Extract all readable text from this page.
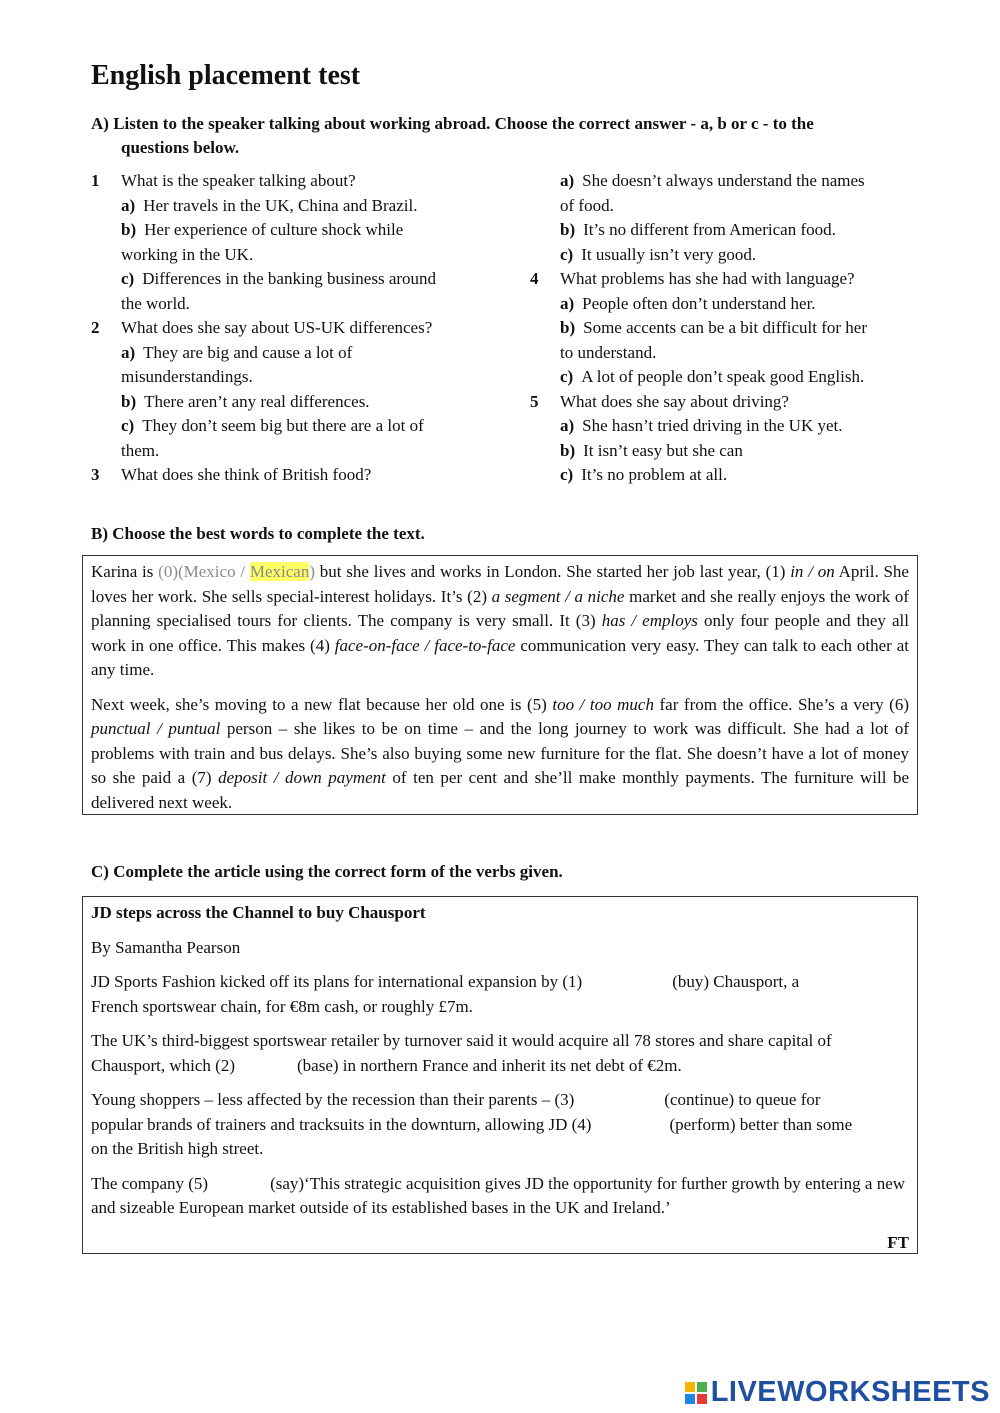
English placement test
A) Listen to the speaker talking about working abroad. Choose the correct answer - a, b or c - to the
questions below.
1	What is the speaker talking about?
a) Her travels in the UK, China and Brazil.
b) Her experience of culture shock while
working in the UK.
c) Differences in the banking business around
the world.
2	What does she say about US-UK differences?
a) They are big and cause a lot of
misunderstandings.
b) There aren’t any real differences.
c) They don’t seem big but there are a lot of
them.
3	What does she think of British food?
a) She doesn’t always understand the names
of food.
b) It’s no different from American food.
c) It usually isn’t very good.
4	What problems has she had with language?
a) People often don’t understand her.
b) Some accents can be a bit difficult for her
to understand.
c) A lot of people don’t speak good English.
5	What does she say about driving?
a) She hasn’t tried driving in the UK yet.
b) It isn’t easy but she can
c) It’s no problem at all.
B) Choose the best words to complete the text.

Karina is (0)(Mexico / Mexican) but she lives and works in London. She started her job last year, (1) in / on April. She loves her work. She sells special-interest holidays. It’s (2) a segment / a niche market and she really enjoys the work of planning specialised tours for clients. The company is very small. It (3) has / employs only four people and they all work in one office. This makes (4) face-on-face / face-to-face communication very easy. They can talk to each other at any time.

Next week, she’s moving to a new flat because her old one is (5) too / too much far from the office. She’s a very (6) punctual / puntual person – she likes to be on time – and the long journey to work was difficult. She had a lot of problems with train and bus delays. She’s also buying some new furniture for the flat. She doesn’t have a lot of money so she paid a (7) deposit / down payment of ten per cent and she’ll make monthly payments. The furniture will be delivered next week.

C) Complete the article using the correct form of the verbs given.

JD steps across the Channel to buy Chausport

By Samantha Pearson

JD Sports Fashion kicked off its plans for international expansion by (1)	(buy) Chausport, a
French sportswear chain, for €8m cash, or roughly £7m.

The UK’s third-biggest sportswear retailer by turnover said it would acquire all 78 stores and share capital of Chausport, which (2)	(base) in northern France and inherit its net debt of €2m.

Young shoppers – less affected by the recession than their parents – (3)	(continue) to queue for
popular brands of trainers and tracksuits in the downturn, allowing JD (4)	(perform) better than some
on the British high street.

The company (5)	(say)‘This strategic acquisition gives JD the opportunity for further growth by entering a new and sizeable European market outside of its established bases in the UK and Ireland.’

FT
LIVEWORKSHEETS
